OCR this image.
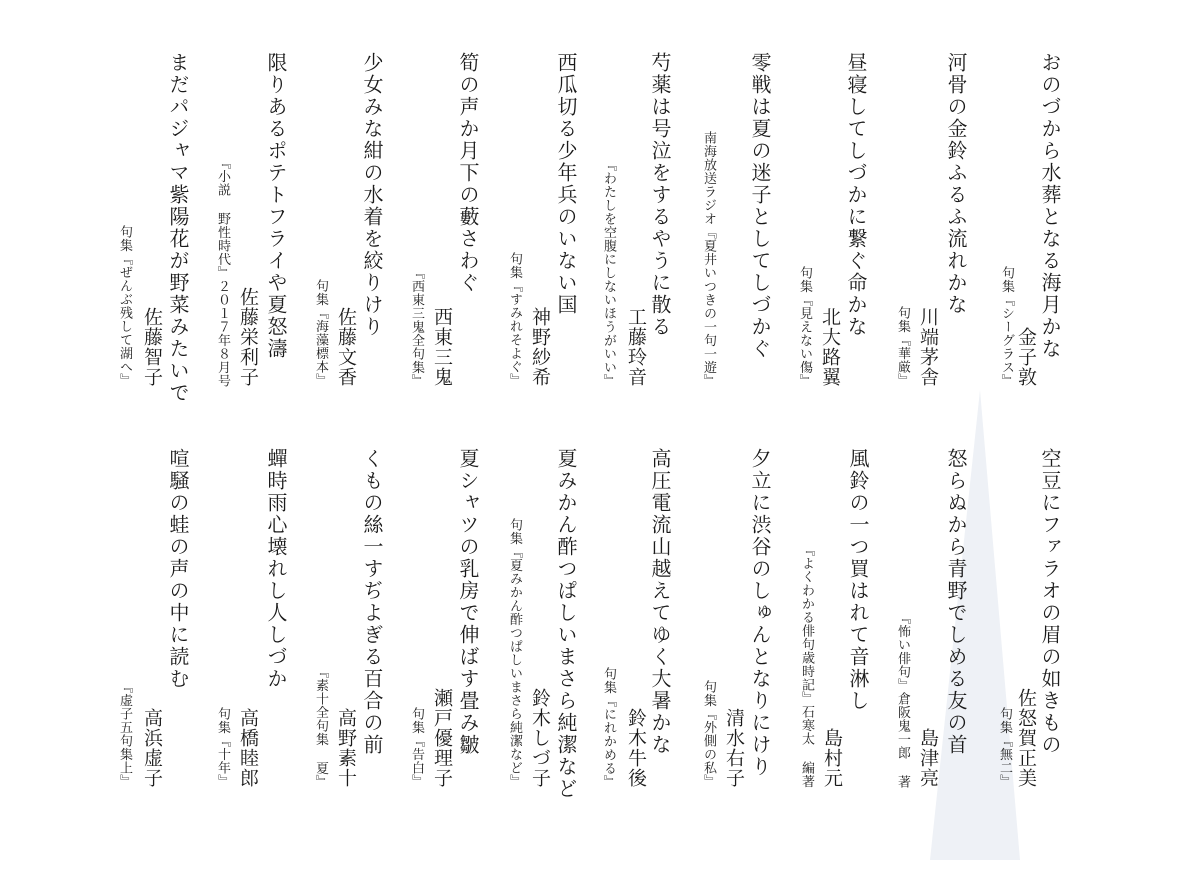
おのづから水葬となる海月かな
金子敦
句集『シーグラス』
河骨の金鈴ふるふ流れかな
川端茅舎
句集『華厳』
昼寝してしづかに繋ぐ命かな
北大路翼
句集『見えない傷』
零戦は夏の迷子としてしづかぐ
南海放送ラジオ『夏井いつきの一句一遊』
芍薬は号泣をするやうに散る
工藤玲音
『わたしを空腹にしないほうがいい』
西瓜切る少年兵のいない国
神野紗希
句集『すみれそよぐ』
筍の声か月下の藪さわぐ
西東三鬼
『西東三鬼全句集』
少女みな紺の水着を絞りけり
佐藤文香
句集『海藻標本』
限りあるポテトフライや夏怒濤
佐藤栄利子
『小説 野性時代』２０１７年８月号
まだパジャマ紫陽花が野菜みたいで
佐藤智子
句集『ぜんぶ残して湖へ』
空豆にファラオの眉の如きもの
佐怒賀正美
句集『無二』
怒らぬから青野でしめる友の首
島津亮
『怖い俳句』倉阪鬼一郎 著
風鈴の一つ買はれて音淋し
島村元
『よくわかる俳句歳時記』石寒太 編著
夕立に渋谷のしゅんとなりにけり
清水右子
句集『外側の私』
高圧電流山越えてゆく大暑かな
鈴木牛後
句集『にれかめる』
夏みかん酢つぱしいまさら純潔など
鈴木しづ子
句集『夏みかん酢つぱしいまさら純潔など』
夏シャツの乳房で伸ばす畳み皺
瀬戸優理子
句集『告白』
くもの絲一すぢよぎる百合の前
高野素十
『素十全句集 夏』
蟬時雨心壊れし人しづか
高橋睦郎
句集『十年』
喧騒の蛙の声の中に読む
高浜虚子
『虚子五句集上』
